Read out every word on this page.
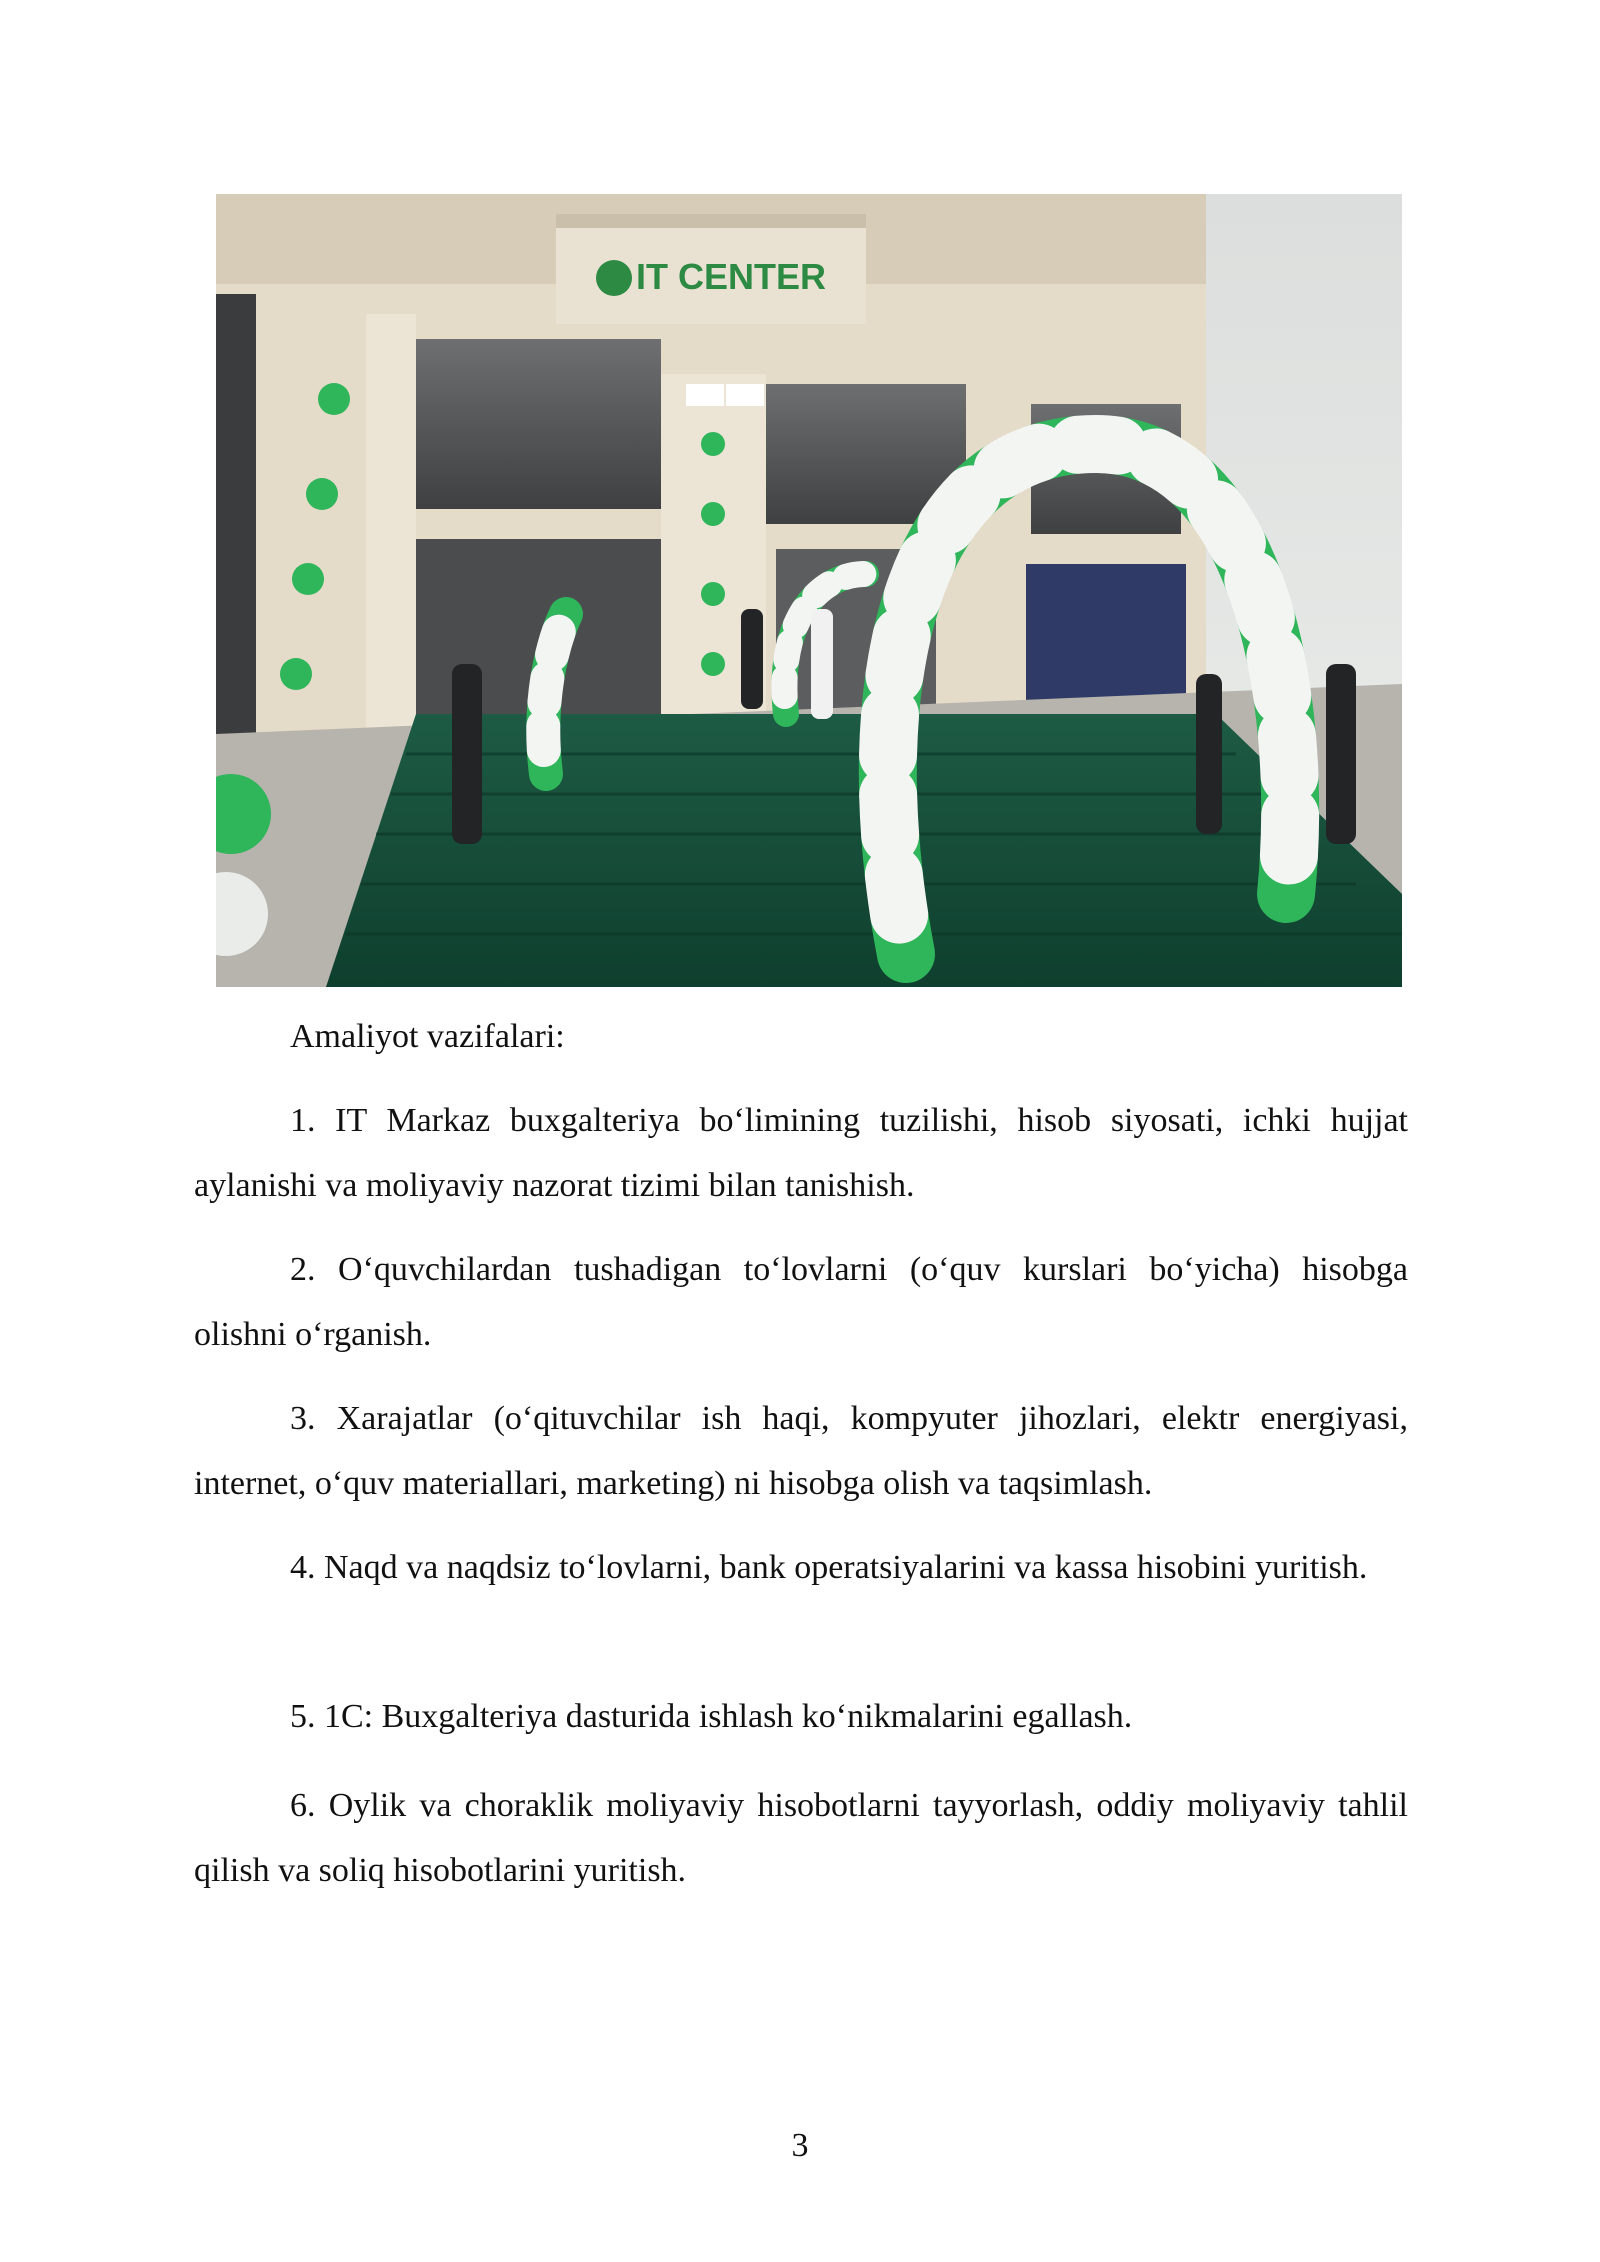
IT CENTER
Amaliyot vazifalari:
1. IT Markaz buxgalteriya bo‘limining tuzilishi, hisob siyosati, ichki hujjat aylanishi va moliyaviy nazorat tizimi bilan tanishish.
2. O‘quvchilardan tushadigan to‘lovlarni (o‘quv kurslari bo‘yicha) hisobga olishni o‘rganish.
3. Xarajatlar (o‘qituvchilar ish haqi, kompyuter jihozlari, elektr energiyasi, internet, o‘quv materiallari, marketing) ni hisobga olish va taqsimlash.
4. Naqd va naqdsiz to‘lovlarni, bank operatsiyalarini va kassa hisobini yuritish.
5. 1C: Buxgalteriya dasturida ishlash ko‘nikmalarini egallash.
6. Oylik va choraklik moliyaviy hisobotlarni tayyorlash, oddiy moliyaviy tahlil qilish va soliq hisobotlarini yuritish.
3
